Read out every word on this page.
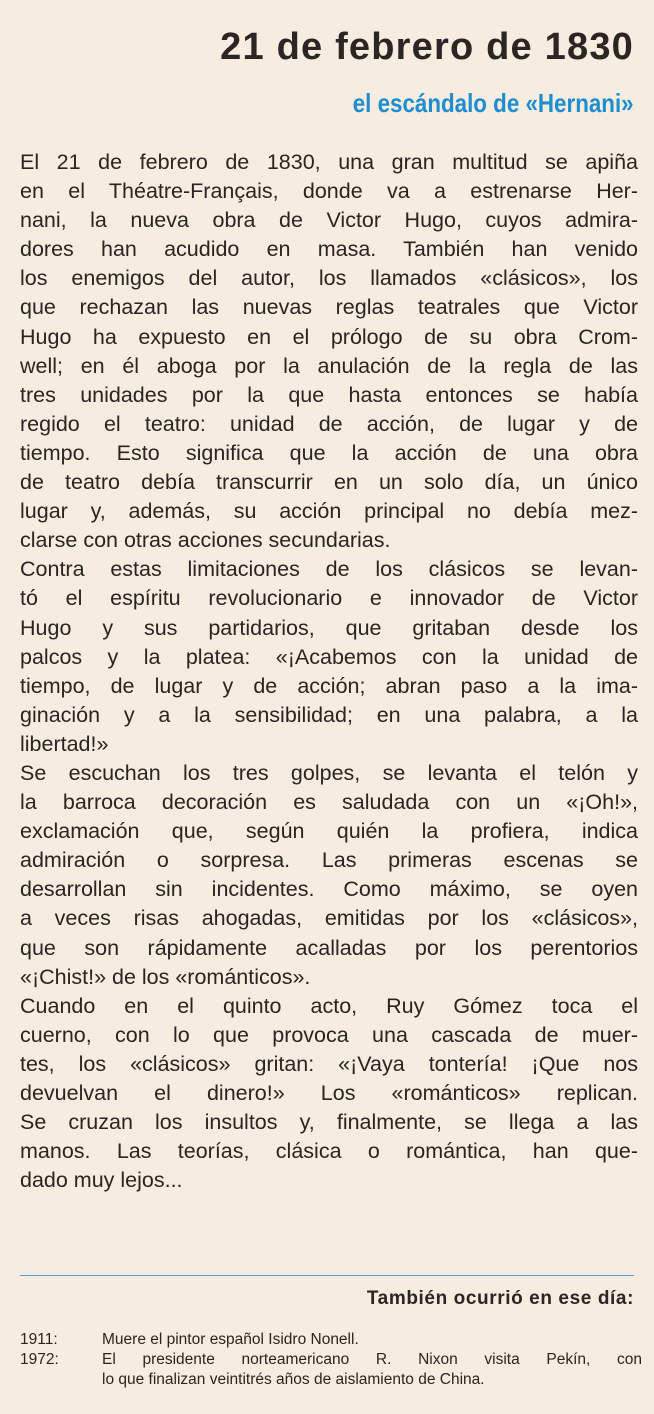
21 de febrero de 1830
el escándalo de «Hernani»
El 21 de febrero de 1830, una gran multitud se apiña
en el Théatre-Français, donde va a estrenarse Her-
nani, la nueva obra de Victor Hugo, cuyos admira-
dores han acudido en masa. También han venido
los enemigos del autor, los llamados «clásicos», los
que rechazan las nuevas reglas teatrales que Victor
Hugo ha expuesto en el prólogo de su obra Crom-
well; en él aboga por la anulación de la regla de las
tres unidades por la que hasta entonces se había
regido el teatro: unidad de acción, de lugar y de
tiempo. Esto significa que la acción de una obra
de teatro debía transcurrir en un solo día, un único
lugar y, además, su acción principal no debía mez-
clarse con otras acciones secundarias.
Contra estas limitaciones de los clásicos se levan-
tó el espíritu revolucionario e innovador de Victor
Hugo y sus partidarios, que gritaban desde los
palcos y la platea: «¡Acabemos con la unidad de
tiempo, de lugar y de acción; abran paso a la ima-
ginación y a la sensibilidad; en una palabra, a la
libertad!»
Se escuchan los tres golpes, se levanta el telón y
la barroca decoración es saludada con un «¡Oh!»,
exclamación que, según quién la profiera, indica
admiración o sorpresa. Las primeras escenas se
desarrollan sin incidentes. Como máximo, se oyen
a veces risas ahogadas, emitidas por los «clásicos»,
que son rápidamente acalladas por los perentorios
«¡Chist!» de los «románticos».
Cuando en el quinto acto, Ruy Gómez toca el
cuerno, con lo que provoca una cascada de muer-
tes, los «clásicos» gritan: «¡Vaya tontería! ¡Que nos
devuelvan el dinero!» Los «románticos» replican.
Se cruzan los insultos y, finalmente, se llega a las
manos. Las teorías, clásica o romántica, han que-
dado muy lejos...
También ocurrió en ese día:
1911:	Muere el pintor español Isidro Nonell.
1972:	El presidente norteamericano R. Nixon visita Pekín, con
lo que finalizan veintitrés años de aislamiento de China.
